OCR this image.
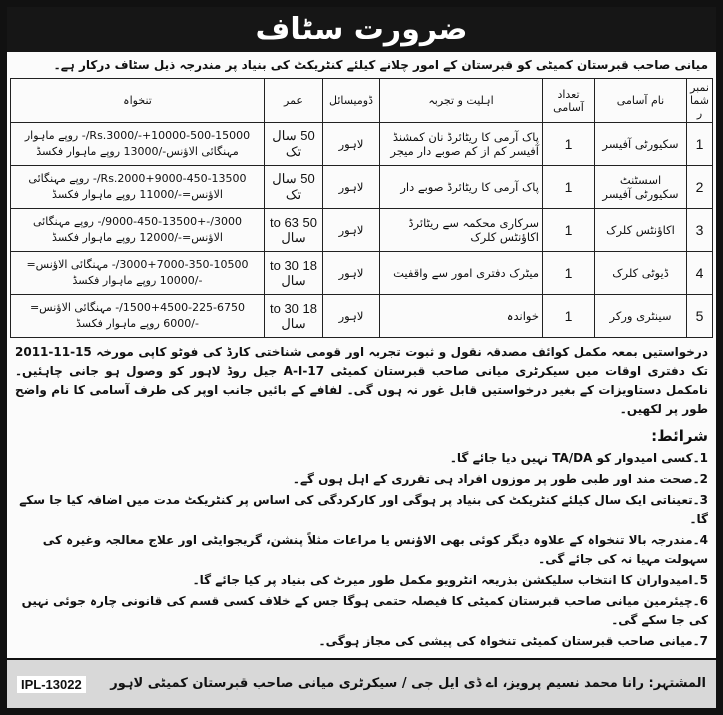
ضرورت سٹاف
میانی صاحب قبرستان کمیٹی کو قبرستان کے امور چلانے کیلئے کنٹریکٹ کی بنیاد پر مندرجہ ذیل سٹاف درکار ہے۔
نمبر شمار	نام آسامی	تعداد آسامی	اہلیت و تجربہ	ڈومیسائل	عمر	تنخواہ
1	سکیورٹی آفیسر	1	پاک آرمی کا ریٹائرڈ نان کمشنڈ آفیسر کم از کم صوبے دار میجر	لاہور	50 سال تک	Rs.3000/-+10000-500-15000/- روپے ماہوار مہنگائی الاؤنس-/13000 روپے ماہوار فکسڈ
2	اسسٹنٹ سکیورٹی آفیسر	1	پاک آرمی کا ریٹائرڈ صوبے دار	لاہور	50 سال تک	Rs.2000+9000-450-13500/- روپے مہنگائی الاؤنس=-/11000 روپے ماہوار فکسڈ
3	اکاؤنٹس کلرک	1	سرکاری محکمہ سے ریٹائرڈ اکاؤنٹس کلرک	لاہور	50 to 63 سال	3000/-+9000-450-13500/- روپے مہنگائی الاؤنس=-/12000 روپے ماہوار فکسڈ
4	ڈیوٹی کلرک	1	میٹرک دفتری امور سے واقفیت	لاہور	18 to 30 سال	3000+7000-350-10500/- مہنگائی الاؤنس= -/10000 روپے ماہوار فکسڈ
5	سینٹری ورکر	1	خواندہ	لاہور	18 to 30 سال	1500+4500-225-6750/- مہنگائی الاؤنس= -/6000 روپے ماہوار فکسڈ
درخواستیں بمعہ مکمل کوائف مصدقہ نقول و ثبوت تجربہ اور قومی شناختی کارڈ کی فوٹو کاپی مورخہ 15-11-2011 تک دفتری اوقات میں سیکرٹری میانی صاحب قبرستان کمیٹی A-I-17 جیل روڈ لاہور کو وصول ہو جانی چاہئیں۔ نامکمل دستاویزات کے بغیر درخواستیں قابل غور نہ ہوں گی۔ لفافے کے بائیں جانب اوپر کی طرف آسامی کا نام واضح طور پر لکھیں۔
شرائط:
1۔کسی امیدوار کو TA/DA نہیں دیا جائے گا۔
2۔صحت مند اور طبی طور پر موزوں افراد ہی تقرری کے اہل ہوں گے۔
3۔تعیناتی ایک سال کیلئے کنٹریکٹ کی بنیاد پر ہوگی اور کارکردگی کی اساس پر کنٹریکٹ مدت میں اضافہ کیا جا سکے گا۔
4۔مندرجہ بالا تنخواہ کے علاوہ دیگر کوئی بھی الاؤنس یا مراعات مثلاً پنشن، گریجوایٹی اور علاج معالجہ وغیرہ کی سہولت مہیا نہ کی جائے گی۔
5۔امیدواران کا انتخاب سلیکشن بذریعہ انٹرویو مکمل طور میرٹ کی بنیاد پر کیا جائے گا۔
6۔چیئرمین میانی صاحب قبرستان کمیٹی کا فیصلہ حتمی ہوگا جس کے خلاف کسی قسم کی قانونی چارہ جوئی نہیں کی جا سکے گی۔
7۔میانی صاحب قبرستان کمیٹی تنخواہ کی پیشی کی مجاز ہوگی۔
المشتہر: رانا محمد نسیم پرویز، اے ڈی ایل جی / سیکرٹری میانی صاحب قبرستان کمیٹی لاہور
IPL-13022
